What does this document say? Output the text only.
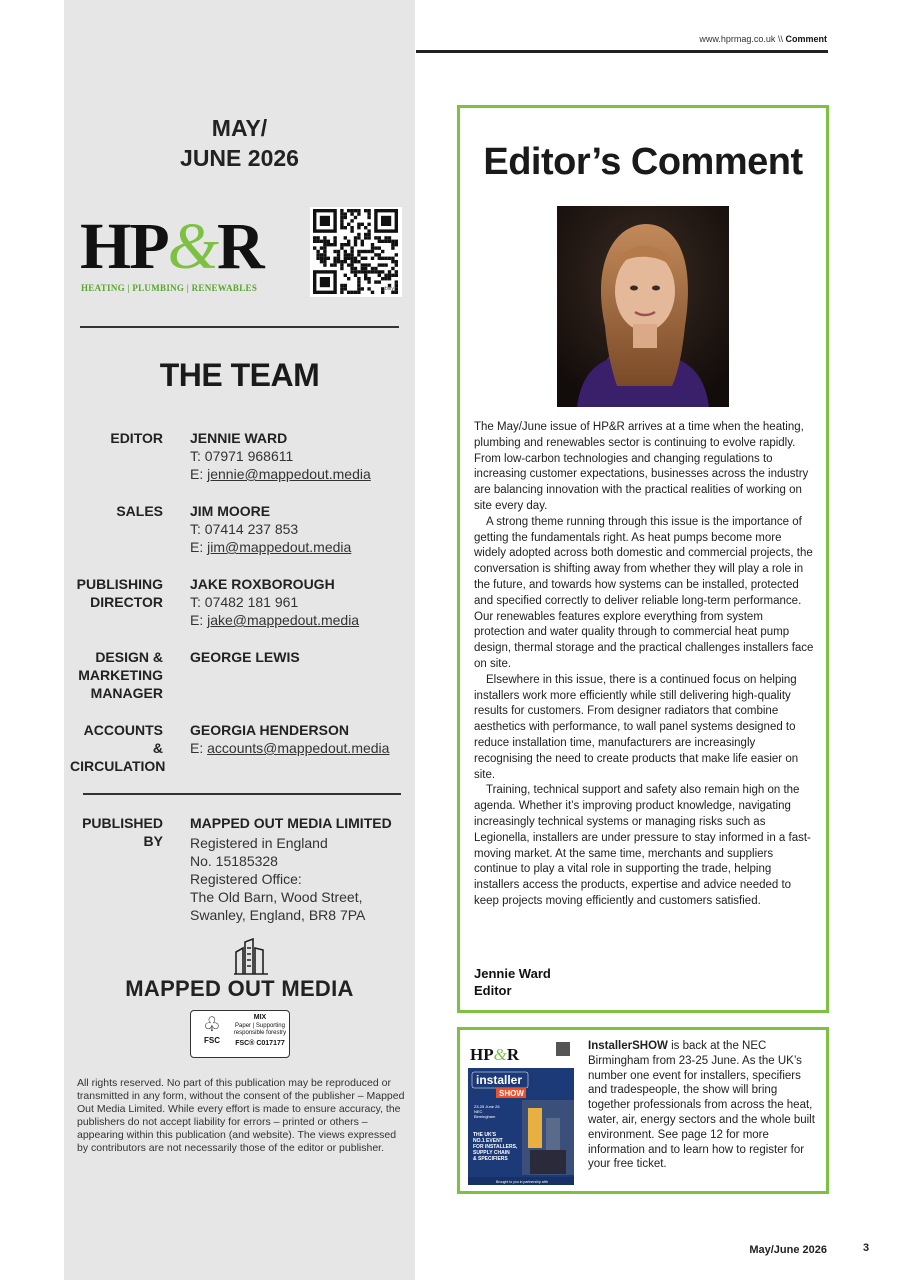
MAY/
JUNE 2026
HP&R
HEATING | PLUMBING | RENEWABLES	bitly
THE TEAM
EDITOR JENNIE WARD
T: 07971 968611
E: jennie@mappedout.media
SALES JIM MOORE
T: 07414 237 853
E: jim@mappedout.media
PUBLISHING
DIRECTOR
JAKE ROXBOROUGH
T: 07482 181 961
E: jake@mappedout.media
DESIGN &
MARKETING
MANAGER
GEORGE LEWIS
ACCOUNTS &
CIRCULATION
GEORGIA HENDERSON
E: accounts@mappedout.media
PUBLISHED
BY
MAPPED OUT MEDIA LIMITED
Registered in England
No. 15185328
Registered Office:
The Old Barn, Wood Street,
Swanley, England, BR8 7PA
MAPPED OUT MEDIA
♧
FSC
MIX
Paper | Supporting
responsible forestry
FSC® C017177
All rights reserved. No part of this publication may be reproduced or transmitted in any form, without the consent of the publisher – Mapped Out Media Limited. While every effort is made to ensure accuracy, the publishers do not accept liability for errors – printed or others – appearing within this publication (and website). The views expressed by contributors are not necessarily those of the editor or publisher.
www.hprmag.co.uk \\ Comment
Editor’s Comment

The May/June issue of HP&R arrives at a time when the heating, plumbing and renewables sector is continuing to evolve rapidly. From low-carbon technologies and changing regulations to increasing customer expectations, businesses across the industry are balancing innovation with the practical realities of working on site every day.

A strong theme running through this issue is the importance of getting the fundamentals right. As heat pumps become more widely adopted across both domestic and commercial projects, the conversation is shifting away from whether they will play a role in the future, and towards how systems can be installed, protected and specified correctly to deliver reliable long-term performance. Our renewables features explore everything from system protection and water quality through to commercial heat pump design, thermal storage and the practical challenges installers face on site.

Elsewhere in this issue, there is a continued focus on helping installers work more efficiently while still delivering high-quality results for customers. From designer radiators that combine aesthetics with performance, to wall panel systems designed to reduce installation time, manufacturers are increasingly recognising the need to create products that make life easier on site.

Training, technical support and safety also remain high on the agenda. Whether it’s improving product knowledge, navigating increasingly technical systems or managing risks such as Legionella, installers are under pressure to stay informed in a fast-moving market. At the same time, merchants and suppliers continue to play a vital role in supporting the trade, helping installers access the products, expertise and advice needed to keep projects moving efficiently and customers satisfied.

Jennie Ward
Editor
HP&R
installer
SHOW
23-25 June 26
NEC
Birmingham
THE UK'S
NO.1 EVENT
FOR INSTALLERS,
SUPPLY CHAIN
& SPECIFIERS
Brought to you in partnership with
InstallerSHOW is back at the NEC Birmingham from 23-25 June. As the UK’s number one event for installers, specifiers and tradespeople, the show will bring together professionals from across the heat, water, air, energy sectors and the whole built environment. See page 12 for more information and to learn how to register for your free ticket.
May/June 2026	3
